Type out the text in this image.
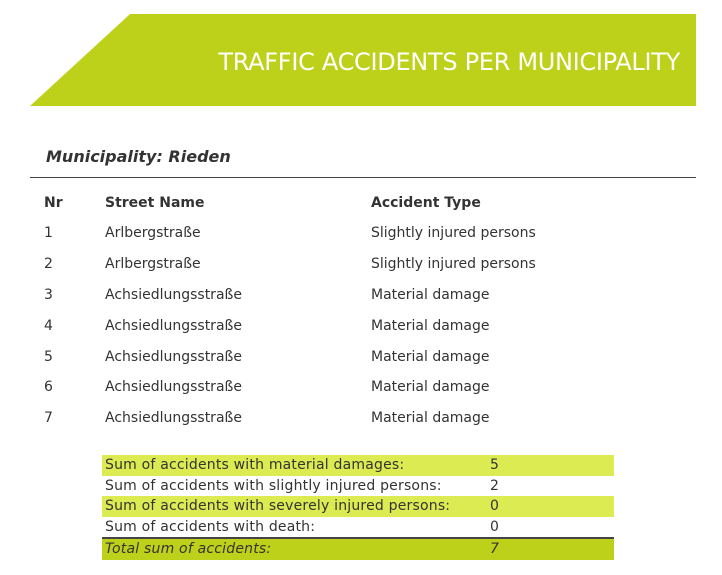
TRAFFIC ACCIDENTS PER MUNICIPALITY
Municipality: Rieden
Nr	Street Name	Accident Type
1	Arlbergstraße	Slightly injured persons
2	Arlbergstraße	Slightly injured persons
3	Achsiedlungsstraße	Material damage
4	Achsiedlungsstraße	Material damage
5	Achsiedlungsstraße	Material damage
6	Achsiedlungsstraße	Material damage
7	Achsiedlungsstraße	Material damage
Sum of accidents with material damages:	5
Sum of accidents with slightly injured persons:	2
Sum of accidents with severely injured persons:	0
Sum of accidents with death:	0
Total sum of accidents:	7
